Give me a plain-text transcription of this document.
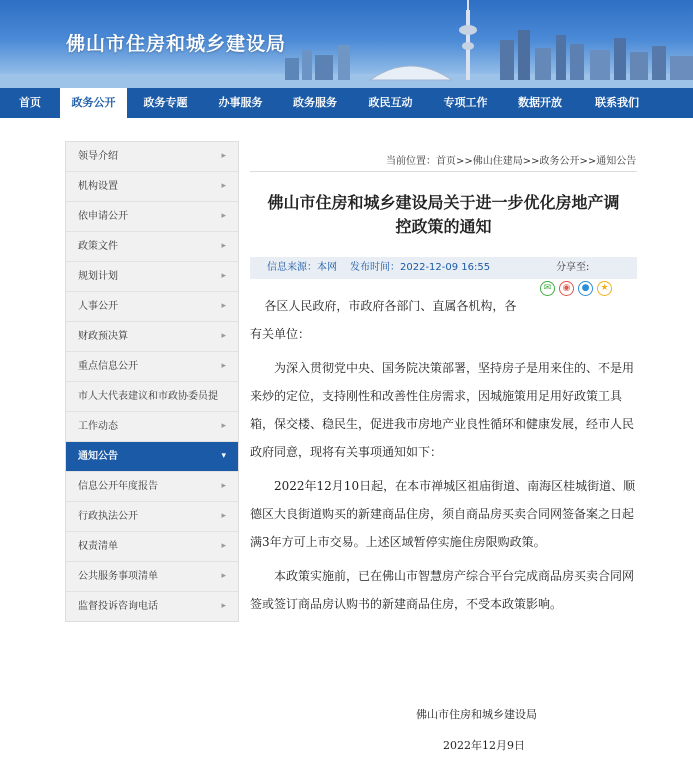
佛山市住房和城乡建设局
首页	政务公开	政务专题	办事服务	政务服务	政民互动	专项工作	数据开放	联系我们
领导介绍	▸
机构设置	▸
依申请公开	▸
政策文件	▸
规划计划	▸
人事公开	▸
财政预决算	▸
重点信息公开	▸
市人大代表建议和市政协委员提
工作动态	▸
通知公告	▾
信息公开年度报告	▸
行政执法公开	▸
权责清单	▸
公共服务事项清单	▸
监督投诉咨询电话	▸
当前位置：首页>>佛山住建局>>政务公开>>通知公告
佛山市住房和城乡建设局关于进一步优化房地产调
控政策的通知
信息来源：本网 发布时间：2022-12-09 16:55	分享至:
✉	◉	●	★
各区人民政府，市政府各部门、直属各机构，各有关单位：

为深入贯彻党中央、国务院决策部署，坚持房子是用来住的、不是用来炒的定位，支持刚性和改善性住房需求，因城施策用足用好政策工具箱，保交楼、稳民生，促进我市房地产业良性循环和健康发展，经市人民政府同意，现将有关事项通知如下：

2022年12月10日起，在本市禅城区祖庙街道、南海区桂城街道、顺德区大良街道购买的新建商品住房，须自商品房买卖合同网签备案之日起满3年方可上市交易。上述区域暂停实施住房限购政策。

本政策实施前，已在佛山市智慧房产综合平台完成商品房买卖合同网签或签订商品房认购书的新建商品住房，不受本政策影响。

佛山市住房和城乡建设局
2022年12月9日
